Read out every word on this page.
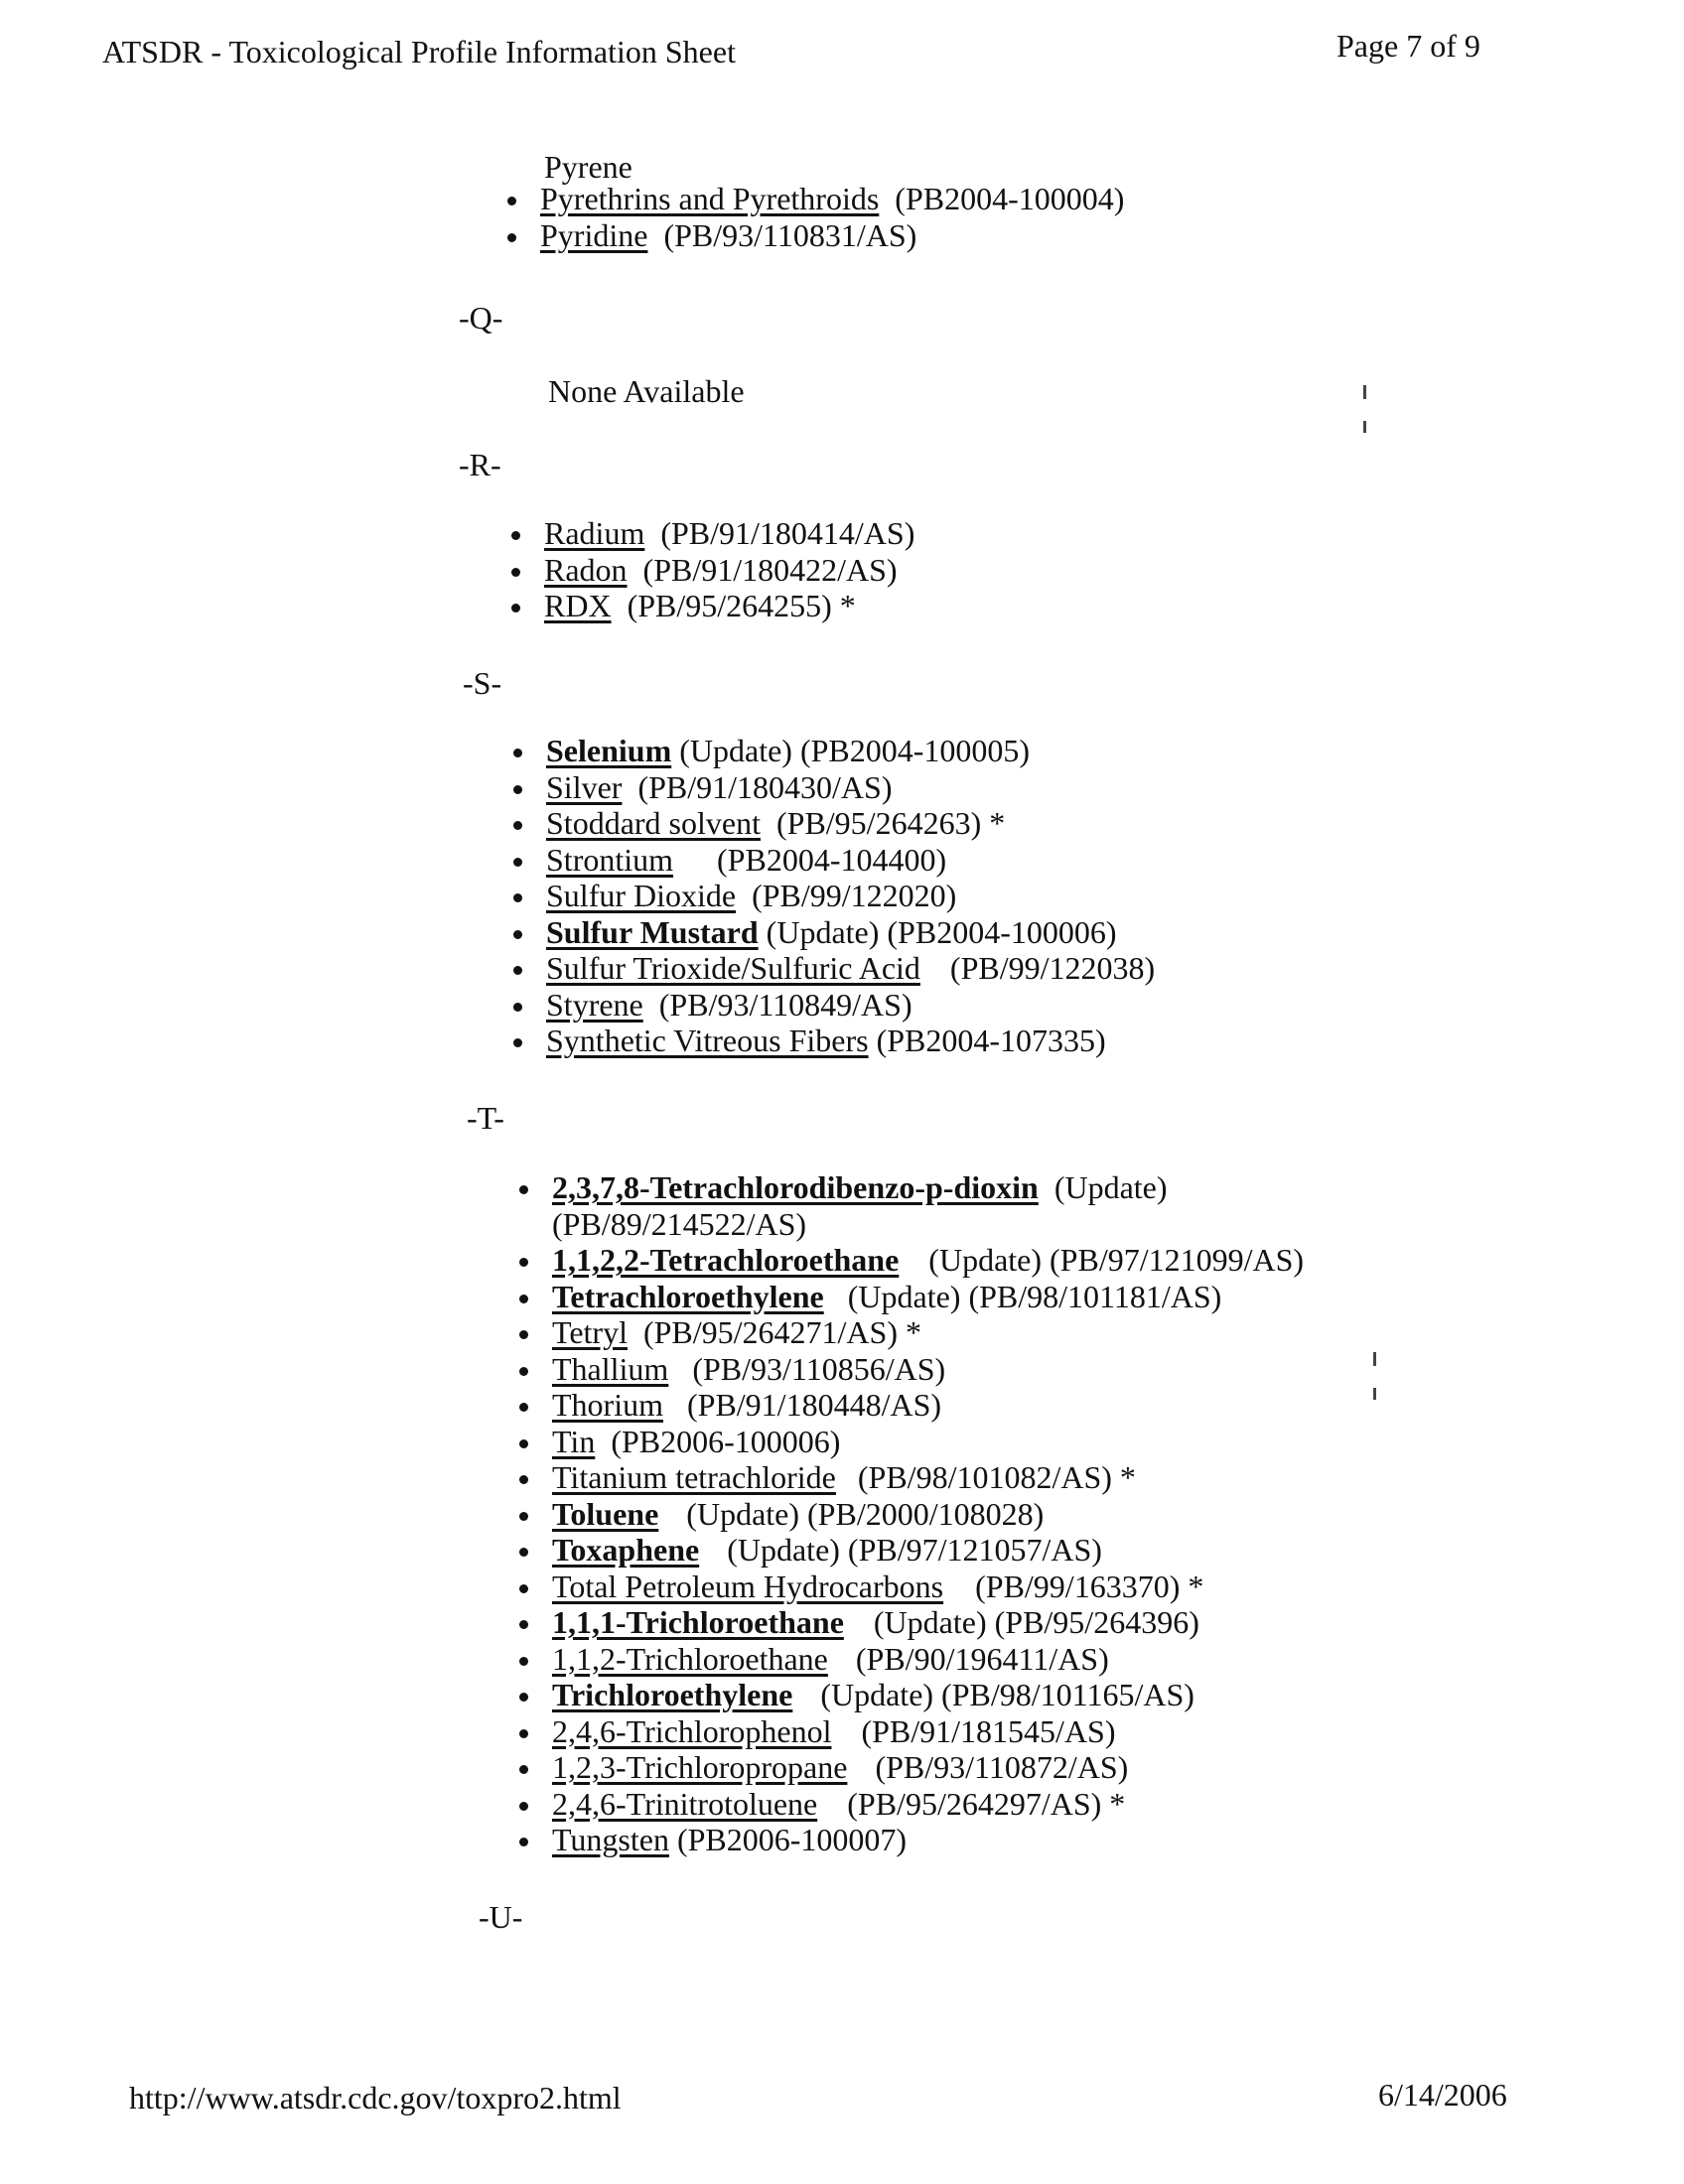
ATSDR - Toxicological Profile Information Sheet	Page 7 of 9
Pyrene
Pyrethrins and Pyrethroids (PB2004-100004)
Pyridine (PB/93/110831/AS)
-Q-
None Available
-R-
Radium (PB/91/180414/AS)
Radon (PB/91/180422/AS)
RDX (PB/95/264255) *
-S-
Selenium (Update) (PB2004-100005)
Silver (PB/91/180430/AS)
Stoddard solvent (PB/95/264263) *
Strontium (PB2004-104400)
Sulfur Dioxide (PB/99/122020)
Sulfur Mustard (Update) (PB2004-100006)
Sulfur Trioxide/Sulfuric Acid (PB/99/122038)
Styrene (PB/93/110849/AS)
Synthetic Vitreous Fibers (PB2004-107335)
-T-
2,3,7,8-Tetrachlorodibenzo-p-dioxin (Update)
(PB/89/214522/AS)
1,1,2,2-Tetrachloroethane (Update) (PB/97/121099/AS)
Tetrachloroethylene (Update) (PB/98/101181/AS)
Tetryl (PB/95/264271/AS) *
Thallium (PB/93/110856/AS)
Thorium (PB/91/180448/AS)
Tin (PB2006-100006)
Titanium tetrachloride (PB/98/101082/AS) *
Toluene (Update) (PB/2000/108028)
Toxaphene (Update) (PB/97/121057/AS)
Total Petroleum Hydrocarbons (PB/99/163370) *
1,1,1-Trichloroethane (Update) (PB/95/264396)
1,1,2-Trichloroethane (PB/90/196411/AS)
Trichloroethylene (Update) (PB/98/101165/AS)
2,4,6-Trichlorophenol (PB/91/181545/AS)
1,2,3-Trichloropropane (PB/93/110872/AS)
2,4,6-Trinitrotoluene (PB/95/264297/AS) *
Tungsten (PB2006-100007)
-U-
http://www.atsdr.cdc.gov/toxpro2.html	6/14/2006
